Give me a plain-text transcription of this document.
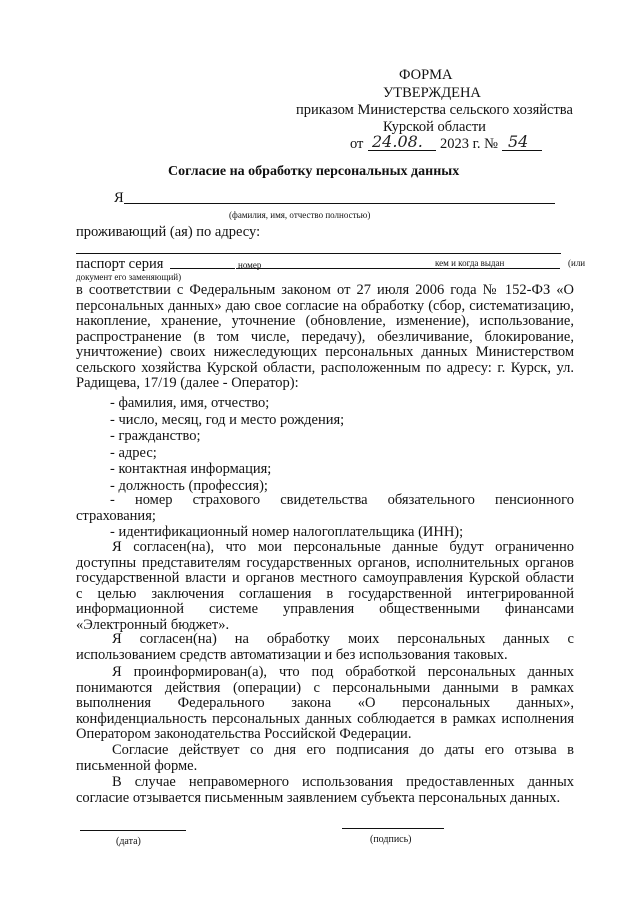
ФОРМА
УТВЕРЖДЕНА
приказом Министерства сельского хозяйства
Курской области
от 24.08. 2023 г. № 54
Согласие на обработку персональных данных
Я
(фамилия, имя, отчество полностью)
проживающий (ая) по адресу:
паспорт серия	номер	кем и когда выдан	(или
документ его заменяющий)
в соответствии с Федеральным законом от 27 июля 2006 года № 152-ФЗ «О
персональных данных» даю свое согласие на обработку (сбор, систематизацию,
накопление, хранение, уточнение (обновление, изменение), использование,
распространение (в том числе, передачу), обезличивание, блокирование,
уничтожение) своих нижеследующих персональных данных Министерством
сельского хозяйства Курской области, расположенным по адресу: г. Курск, ул.
Радищева, 17/19 (далее - Оператор):
- фамилия, имя, отчество;
- число, месяц, год и место рождения;
- гражданство;
- адрес;
- контактная информация;
- должность (профессия);
-     номер     страхового     свидетельства     обязательного     пенсионного
страхования;
- идентификационный номер налогоплательщика (ИНН);
Я согласен(на), что мои персональные данные будут ограниченно
доступны представителям государственных органов, исполнительных органов
государственной власти и органов местного самоуправления Курской области
с целью заключения соглашения в государственной интегрированной
информационной системе управления общественными финансами
«Электронный бюджет».
Я согласен(на) на обработку моих персональных данных с
использованием средств автоматизации и без использования таковых.
Я проинформирован(а), что под обработкой персональных данных
понимаются действия (операции) с персональными данными в рамках
выполнения Федерального закона «О персональных данных»,
конфиденциальность персональных данных соблюдается в рамках исполнения
Оператором законодательства Российской Федерации.
Согласие действует со дня его подписания до даты его отзыва в
письменной форме.
В случае неправомерного использования предоставленных данных
согласие отзывается письменным заявлением субъекта персональных данных.
(дата)	(подпись)
